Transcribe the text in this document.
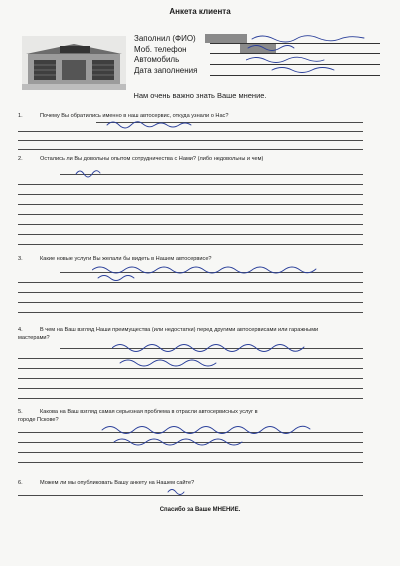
Анкета клиента
Заполнил (ФИО)
Моб. телефон
Автомобиль
Дата заполнения
Нам очень важно знать Ваше мнение.
1.	Почему Вы обратились именно в наш автосервис, откуда узнали о Нас?
2.	Остались ли Вы довольны опытом сотрудничества с Нами? (либо недовольны и чем)
3.	Какие новые услуги Вы желали бы видеть в Нашем автосервисе?
4.	В чем на Ваш взгляд Наши преимущества (или недостатки) перед другими автосервисами или гаражными
мастерами?
5.	Какова на Ваш взгляд самая серьезная проблема в отрасли автосервисных услуг в
городе Пскове?
6.	Можем ли мы опубликовать Вашу анкету на Нашем сайте?
Спасибо за Ваше МНЕНИЕ.
